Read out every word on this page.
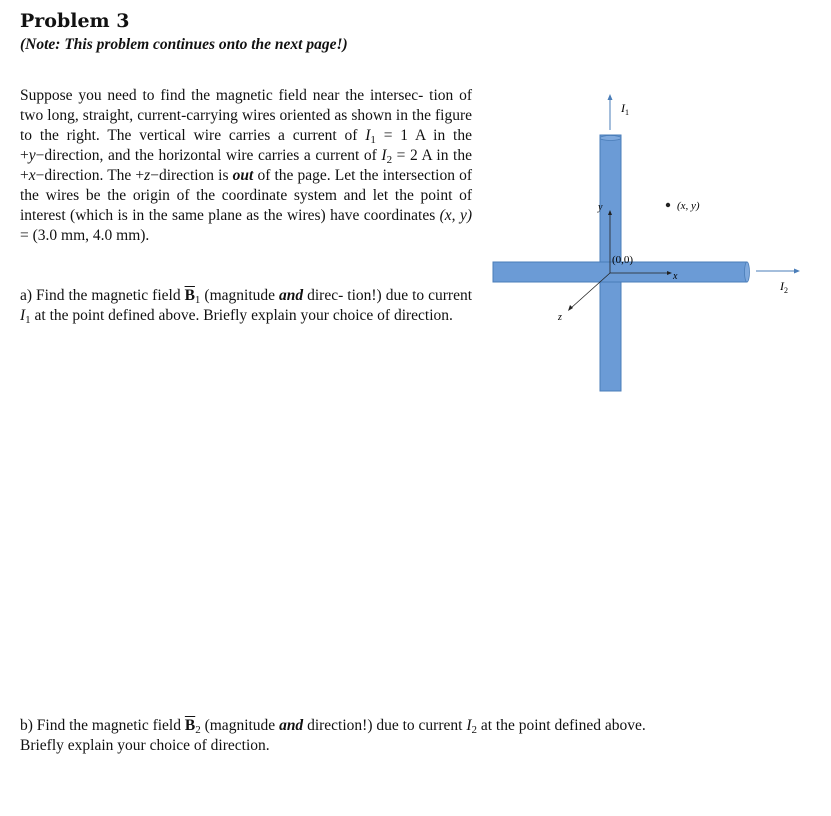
Problem 3
(Note: This problem continues onto the next page!)
Suppose you need to find the magnetic field near the intersec- tion of two long, straight, current-carrying wires oriented as shown in the figure to the right. The vertical wire carries a current of $I_1 = 1$ A in the +y−direction, and the horizontal wire carries a current of $I_2 = 2$ A in the +x−direction. The +z−direction is out of the page. Let the intersection of the wires be the origin of the coordinate system and let the point of interest (which is in the same plane as the wires) have coordinates (x, y) = (3.0 mm, 4.0 mm).
a) Find the magnetic field $\overline{B}_1$ (magnitude and direc- tion!) due to current $I_1$ at the point defined above. Briefly explain your choice of direction.
b) Find the magnetic field $\overline{B}_2$ (magnitude and direction!) due to current $I_2$ at the point defined above.
Briefly explain your choice of direction.
$I_1$
y
x
z
(0,0)
(x, y)
$I_2$
